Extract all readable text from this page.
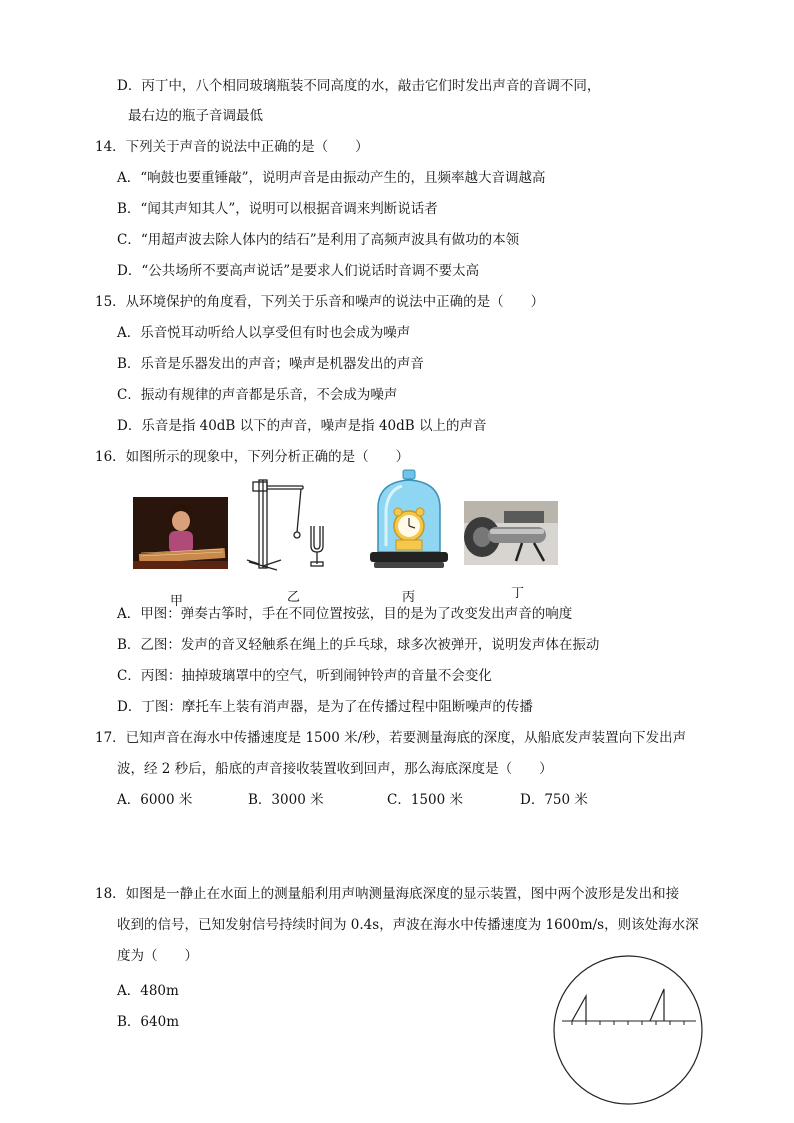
D．丙丁中，八个相同玻璃瓶装不同高度的水，敲击它们时发出声音的音调不同，
最右边的瓶子音调最低
14．下列关于声音的说法中正确的是（　　）
A．“响鼓也要重锤敲”，说明声音是由振动产生的，且频率越大音调越高
B．“闻其声知其人”，说明可以根据音调来判断说话者
C．“用超声波去除人体内的结石”是利用了高频声波具有做功的本领
D．“公共场所不要高声说话”是要求人们说话时音调不要太高
15．从环境保护的角度看，下列关于乐音和噪声的说法中正确的是（　　）
A．乐音悦耳动听给人以享受但有时也会成为噪声
B．乐音是乐器发出的声音；噪声是机器发出的声音
C．振动有规律的声音都是乐音，不会成为噪声
D．乐音是指 40dB 以下的声音，噪声是指 40dB 以上的声音
16．如图所示的现象中，下列分析正确的是（　　）
甲	乙	丙	丁
A．甲图：弹奏古筝时，手在不同位置按弦，目的是为了改变发出声音的响度
B．乙图：发声的音叉轻触系在绳上的乒乓球，球多次被弹开，说明发声体在振动
C．丙图：抽掉玻璃罩中的空气，听到闹钟铃声的音量不会变化
D．丁图：摩托车上装有消声器，是为了在传播过程中阻断噪声的传播
17．已知声音在海水中传播速度是 1500 米/秒，若要测量海底的深度，从船底发声装置向下发出声
波，经 2 秒后，船底的声音接收装置收到回声，那么海底深度是（　　）
A．6000 米	B．3000 米	C．1500 米	D．750 米
18．如图是一静止在水面上的测量船利用声呐测量海底深度的显示装置，图中两个波形是发出和接
收到的信号，已知发射信号持续时间为 0.4s，声波在海水中传播速度为 1600m/s，则该处海水深
度为（　　）
A．480m
B．640m
